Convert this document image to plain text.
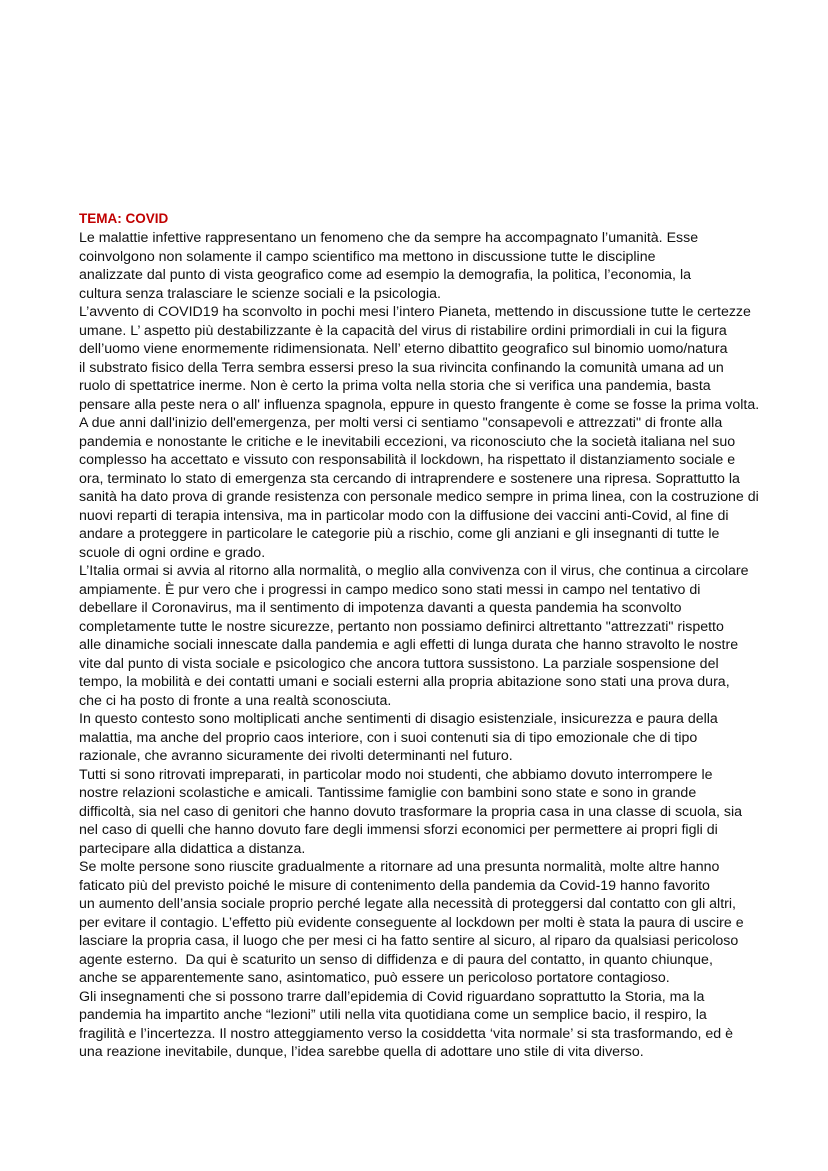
TEMA: COVID
Le malattie infettive rappresentano un fenomeno che da sempre ha accompagnato l’umanità. Esse
coinvolgono non solamente il campo scientifico ma mettono in discussione tutte le discipline
analizzate dal punto di vista geografico come ad esempio la demografia, la politica, l’economia, la
cultura senza tralasciare le scienze sociali e la psicologia.
L’avvento di COVID19 ha sconvolto in pochi mesi l’intero Pianeta, mettendo in discussione tutte le certezze
umane. L’ aspetto più destabilizzante è la capacità del virus di ristabilire ordini primordiali in cui la figura
dell’uomo viene enormemente ridimensionata. Nell’ eterno dibattito geografico sul binomio uomo/natura
il substrato fisico della Terra sembra essersi preso la sua rivincita confinando la comunità umana ad un
ruolo di spettatrice inerme. Non è certo la prima volta nella storia che si verifica una pandemia, basta
pensare alla peste nera o all' influenza spagnola, eppure in questo frangente è come se fosse la prima volta.
A due anni dall'inizio dell'emergenza, per molti versi ci sentiamo "consapevoli e attrezzati" di fronte alla
pandemia e nonostante le critiche e le inevitabili eccezioni, va riconosciuto che la società italiana nel suo
complesso ha accettato e vissuto con responsabilità il lockdown, ha rispettato il distanziamento sociale e
ora, terminato lo stato di emergenza sta cercando di intraprendere e sostenere una ripresa. Soprattutto la
sanità ha dato prova di grande resistenza con personale medico sempre in prima linea, con la costruzione di
nuovi reparti di terapia intensiva, ma in particolar modo con la diffusione dei vaccini anti-Covid, al fine di
andare a proteggere in particolare le categorie più a rischio, come gli anziani e gli insegnanti di tutte le
scuole di ogni ordine e grado.
L’Italia ormai si avvia al ritorno alla normalità, o meglio alla convivenza con il virus, che continua a circolare
ampiamente. È pur vero che i progressi in campo medico sono stati messi in campo nel tentativo di
debellare il Coronavirus, ma il sentimento di impotenza davanti a questa pandemia ha sconvolto
completamente tutte le nostre sicurezze, pertanto non possiamo definirci altrettanto "attrezzati" rispetto
alle dinamiche sociali innescate dalla pandemia e agli effetti di lunga durata che hanno stravolto le nostre
vite dal punto di vista sociale e psicologico che ancora tuttora sussistono. La parziale sospensione del
tempo, la mobilità e dei contatti umani e sociali esterni alla propria abitazione sono stati una prova dura,
che ci ha posto di fronte a una realtà sconosciuta.
In questo contesto sono moltiplicati anche sentimenti di disagio esistenziale, insicurezza e paura della
malattia, ma anche del proprio caos interiore, con i suoi contenuti sia di tipo emozionale che di tipo
razionale, che avranno sicuramente dei rivolti determinanti nel futuro.
Tutti si sono ritrovati impreparati, in particolar modo noi studenti, che abbiamo dovuto interrompere le
nostre relazioni scolastiche e amicali. Tantissime famiglie con bambini sono state e sono in grande
difficoltà, sia nel caso di genitori che hanno dovuto trasformare la propria casa in una classe di scuola, sia
nel caso di quelli che hanno dovuto fare degli immensi sforzi economici per permettere ai propri figli di
partecipare alla didattica a distanza.
Se molte persone sono riuscite gradualmente a ritornare ad una presunta normalità, molte altre hanno
faticato più del previsto poiché le misure di contenimento della pandemia da Covid-19 hanno favorito
un aumento dell’ansia sociale proprio perché legate alla necessità di proteggersi dal contatto con gli altri,
per evitare il contagio. L’effetto più evidente conseguente al lockdown per molti è stata la paura di uscire e
lasciare la propria casa, il luogo che per mesi ci ha fatto sentire al sicuro, al riparo da qualsiasi pericoloso
agente esterno.  Da qui è scaturito un senso di diffidenza e di paura del contatto, in quanto chiunque,
anche se apparentemente sano, asintomatico, può essere un pericoloso portatore contagioso.
Gli insegnamenti che si possono trarre dall’epidemia di Covid riguardano soprattutto la Storia, ma la
pandemia ha impartito anche “lezioni” utili nella vita quotidiana come un semplice bacio, il respiro, la
fragilità e l’incertezza. Il nostro atteggiamento verso la cosiddetta ‘vita normale’ si sta trasformando, ed è
una reazione inevitabile, dunque, l’idea sarebbe quella di adottare uno stile di vita diverso.
